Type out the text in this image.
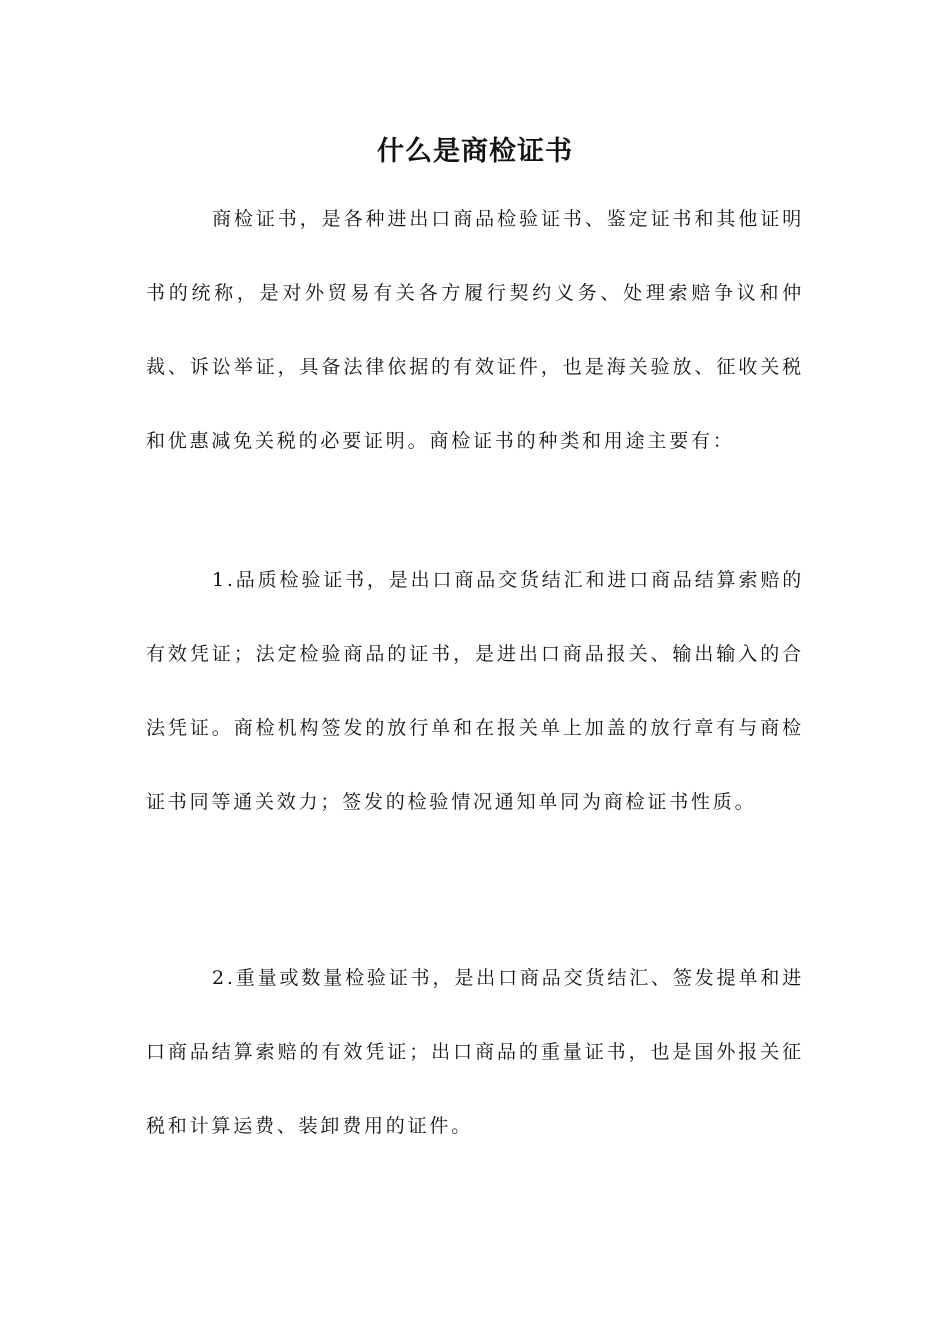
什么是商检证书

商检证书，是各种进出口商品检验证书、鉴定证书和其他证明书的统称，是对外贸易有关各方履行契约义务、处理索赔争议和仲裁、诉讼举证，具备法律依据的有效证件，也是海关验放、征收关税和优惠减免关税的必要证明。商检证书的种类和用途主要有：

1.品质检验证书，是出口商品交货结汇和进口商品结算索赔的有效凭证；法定检验商品的证书，是进出口商品报关、输出输入的合法凭证。商检机构签发的放行单和在报关单上加盖的放行章有与商检证书同等通关效力；签发的检验情况通知单同为商检证书性质。

2.重量或数量检验证书，是出口商品交货结汇、签发提单和进口商品结算索赔的有效凭证；出口商品的重量证书，也是国外报关征税和计算运费、装卸费用的证件。
